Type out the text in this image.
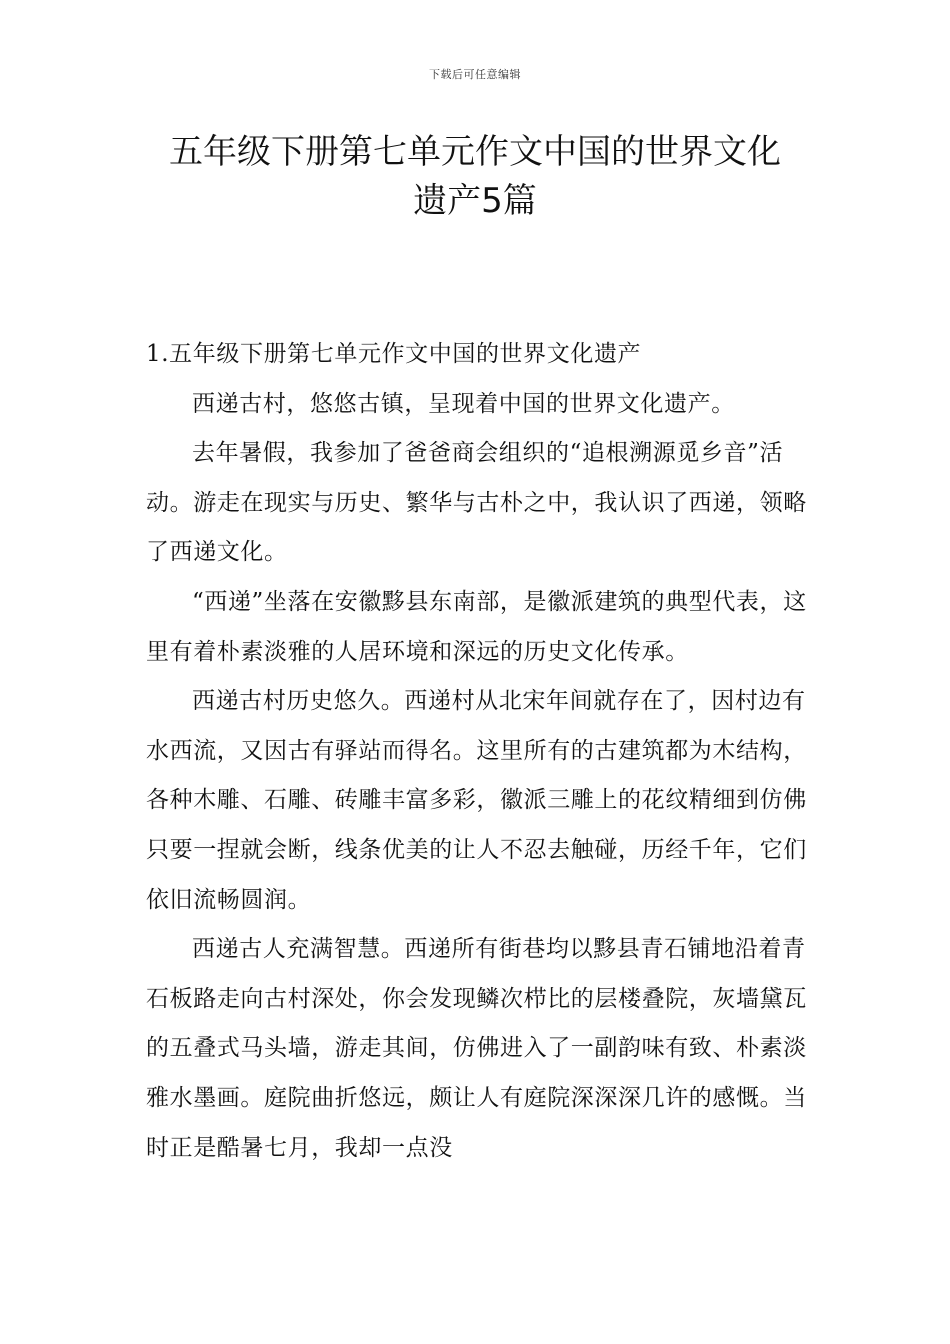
下载后可任意编辑
五年级下册第七单元作文中国的世界文化
遗产5篇

1.五年级下册第七单元作文中国的世界文化遗产

西递古村，悠悠古镇，呈现着中国的世界文化遗产。

去年暑假，我参加了爸爸商会组织的“追根溯源觅乡音”活动。游走在现实与历史、繁华与古朴之中，我认识了西递，领略了西递文化。

“西递”坐落在安徽黟县东南部，是徽派建筑的典型代表，这里有着朴素淡雅的人居环境和深远的历史文化传承。

西递古村历史悠久。西递村从北宋年间就存在了，因村边有水西流，又因古有驿站而得名。这里所有的古建筑都为木结构，各种木雕、石雕、砖雕丰富多彩，徽派三雕上的花纹精细到仿佛只要一捏就会断，线条优美的让人不忍去触碰，历经千年，它们依旧流畅圆润。

西递古人充满智慧。西递所有街巷均以黟县青石铺地沿着青石板路走向古村深处，你会发现鳞次栉比的层楼叠院，灰墙黛瓦的五叠式马头墙，游走其间，仿佛进入了一副韵味有致、朴素淡雅水墨画。庭院曲折悠远，颇让人有庭院深深深几许的感慨。当时正是酷暑七月，我却一点没
